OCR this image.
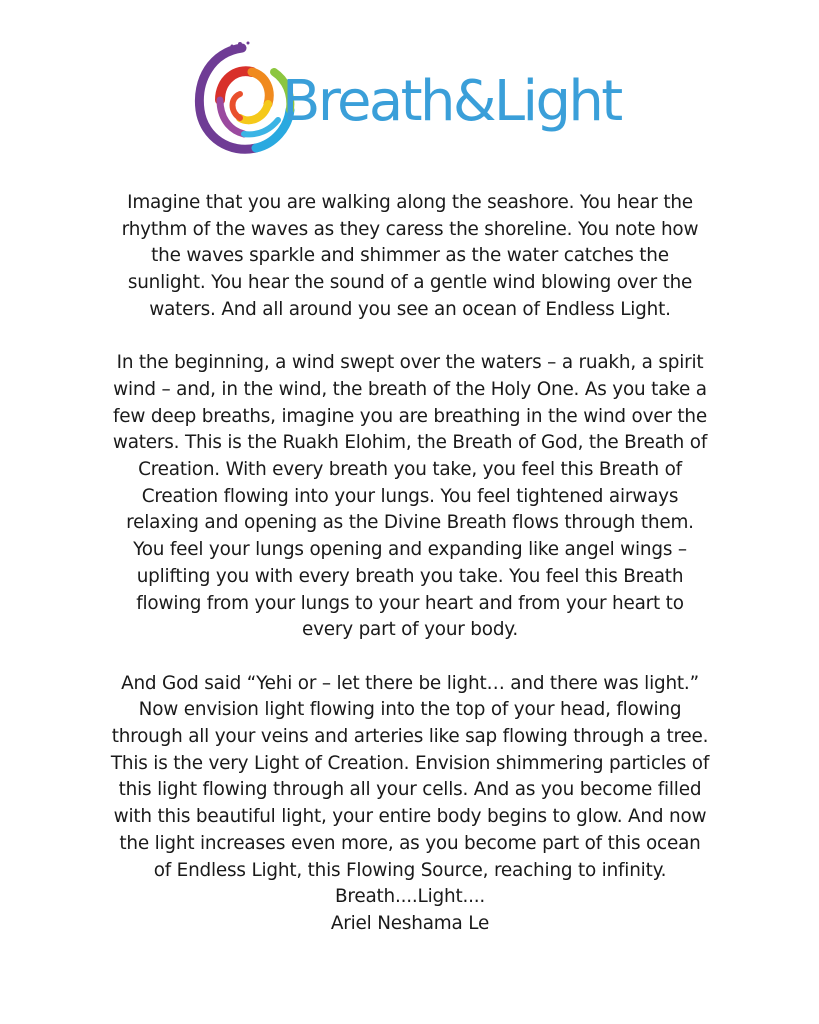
Breath&Light

Imagine that you are walking along the seashore. You hear the rhythm of the waves as they caress the shoreline. You note how the waves sparkle and shimmer as the water catches the sunlight. You hear the sound of a gentle wind blowing over the waters. And all around you see an ocean of Endless Light.

In the beginning, a wind swept over the waters – a ruakh, a spirit wind – and, in the wind, the breath of the Holy One. As you take a few deep breaths, imagine you are breathing in the wind over the waters. This is the Ruakh Elohim, the Breath of God, the Breath of Creation. With every breath you take, you feel this Breath of Creation flowing into your lungs. You feel tightened airways relaxing and opening as the Divine Breath flows through them. You feel your lungs opening and expanding like angel wings – uplifting you with every breath you take. You feel this Breath flowing from your lungs to your heart and from your heart to every part of your body.

And God said “Yehi or – let there be light… and there was light.” Now envision light flowing into the top of your head, flowing through all your veins and arteries like sap flowing through a tree. This is the very Light of Creation. Envision shimmering particles of this light flowing through all your cells. And as you become filled with this beautiful light, your entire body begins to glow. And now the light increases even more, as you become part of this ocean of Endless Light, this Flowing Source, reaching to infinity.
Breath....Light....
Ariel Neshama Le
